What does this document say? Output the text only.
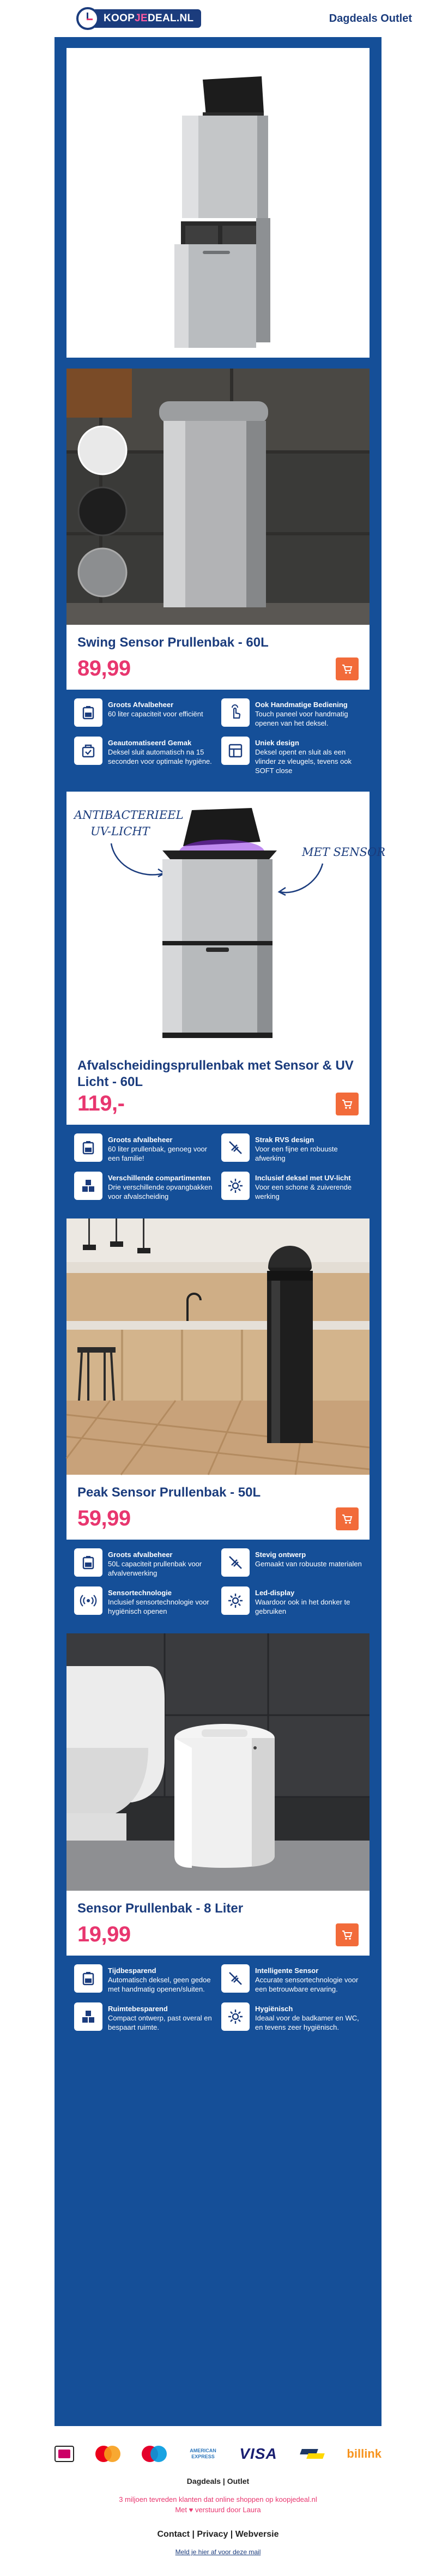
KOOPJEDEAL.NL	Dagdeals Outlet
Swing Sensor Prullenbak - 60L
89,99
Groots Afvalbeheer
60 liter capaciteit voor efficiënt
Ook Handmatige Bediening
Touch paneel voor handmatig openen van het deksel.
Geautomatiseerd Gemak
Deksel sluit automatisch na 15 seconden voor optimale hygiëne.
Uniek design
Deksel opent en sluit als een vlinder ze vleugels, tevens ook SOFT close
ANTIBACTERIEEL
UV-LICHT
MET SENSOR
Afvalscheidingsprullenbak met Sensor & UV Licht - 60L
119,-
Groots afvalbeheer
60 liter prullenbak, genoeg voor een familie!
Strak RVS design
Voor een fijne en robuuste afwerking
Verschillende compartimenten
Drie verschillende opvangbakken voor afvalscheiding
Inclusief deksel met UV-licht
Voor een schone & zuiverende werking
Peak Sensor Prullenbak - 50L
59,99
Groots afvalbeheer
50L capaciteit prullenbak voor afvalverwerking
Stevig ontwerp
Gemaakt van robuuste materialen
Sensortechnologie
Inclusief sensortechnologie voor hygiënisch openen
Led-display
Waardoor ook in het donker te gebruiken
Sensor Prullenbak - 8 Liter
19,99
Tijdbesparend
Automatisch deksel, geen gedoe met handmatig openen/sluiten.
Intelligente Sensor
Accurate sensortechnologie voor een betrouwbare ervaring.
Ruimtebesparend
Compact ontwerp, past overal en bespaart ruimte.
Hygiënisch
Ideaal voor de badkamer en WC, en tevens zeer hygiënisch.
AMERICAN
EXPRESS VISA	billink
Dagdeals | Outlet
3 miljoen tevreden klanten dat online shoppen op koopjedeal.nl
Met ♥ verstuurd door Laura
Contact | Privacy | Webversie
Meld je hier af voor deze mail
